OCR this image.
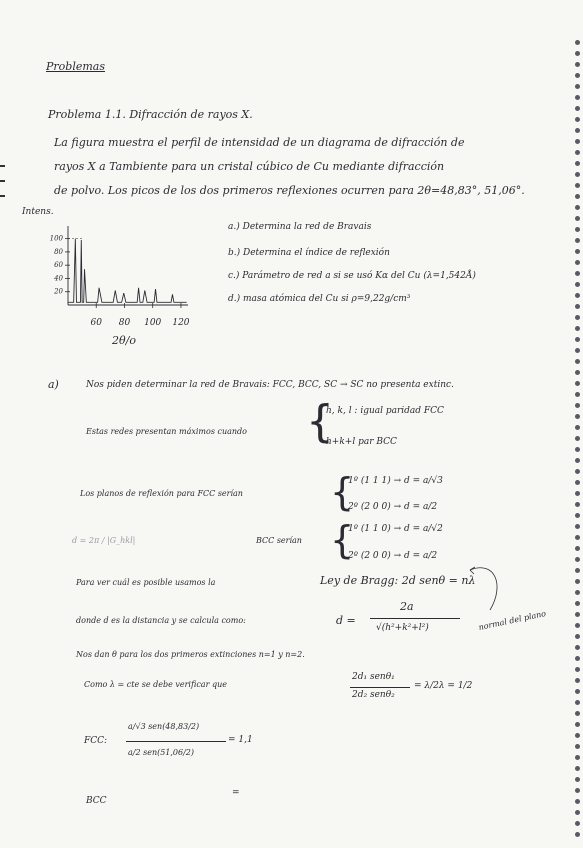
Problemas
Problema 1.1. Difracción de rayos X.
La figura muestra el perfil de intensidad de un diagrama de difracción de
rayos X a Tambiente para un cristal cúbico de Cu mediante difracción
de polvo. Los picos de los dos primeros reflexiones ocurren para 2θ=48,83°, 51,06°.
Intens.
100
80
60
40
20
60 80 100 120
2θ/o
a.) Determina la red de Bravais
b.) Determina el índice de reflexión
c.) Parámetro de red a si se usó Kα del Cu (λ=1,542Å)
d.) masa atómica del Cu si ρ=9,22g/cm³
a)	Nos piden determinar la red de Bravais: FCC, BCC, SC → SC no presenta extinc.
Estas redes presentan máximos cuando {
h, k, l : igual paridad FCC
h+k+l par BCC
Los planos de reflexión para FCC serían {
1º (1 1 1) → d = a/√3
2º (2 0 0) → d = a/2
d = 2π / |G_hkl|	BCC serían {
1º (1 1 0) → d = a/√2
2º (2 0 0) → d = a/2
Para ver cuál es posible usamos la	Ley de Bragg: 2d senθ = nλ
donde d es la distancia y se calcula como:	d =
2a
√(h²+k²+l²)	normal del plano
Nos dan θ para los dos primeros extinciones n=1 y n=2.
Como λ = cte se debe verificar que
2d₁ senθ₁
2d₂ senθ₂
= λ/2λ = 1/2
FCC:
a/√3 sen(48,83/2)
a/2 sen(51,06/2)
= 1,1
BCC
=
